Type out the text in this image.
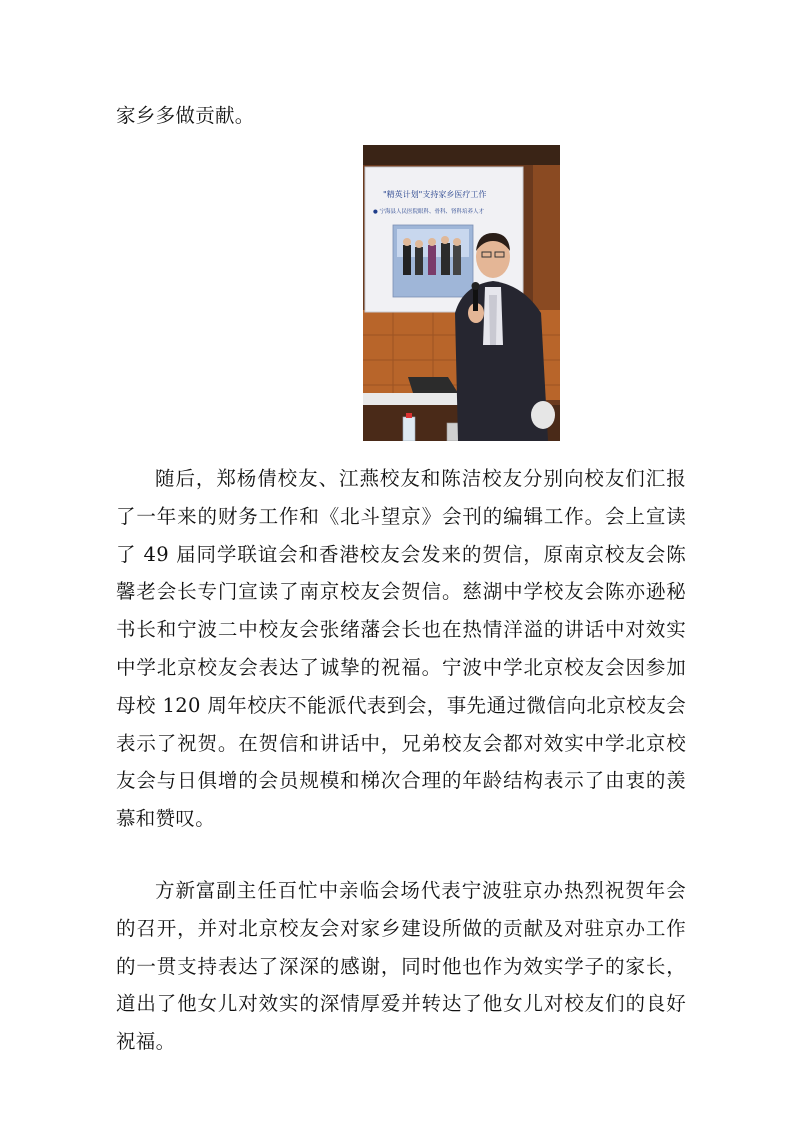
家乡多做贡献。

"精英计划"支持家乡医疗工作
● 宁海县人民医院眼科、骨科、肾科培养人才

随后，郑杨倩校友、江燕校友和陈洁校友分别向校友们汇报了一年来的财务工作和《北斗望京》会刊的编辑工作。会上宣读了 49 届同学联谊会和香港校友会发来的贺信，原南京校友会陈馨老会长专门宣读了南京校友会贺信。慈湖中学校友会陈亦逊秘书长和宁波二中校友会张绪藩会长也在热情洋溢的讲话中对效实中学北京校友会表达了诚挚的祝福。宁波中学北京校友会因参加母校 120 周年校庆不能派代表到会，事先通过微信向北京校友会表示了祝贺。在贺信和讲话中，兄弟校友会都对效实中学北京校友会与日俱增的会员规模和梯次合理的年龄结构表示了由衷的羡慕和赞叹。

方新富副主任百忙中亲临会场代表宁波驻京办热烈祝贺年会的召开，并对北京校友会对家乡建设所做的贡献及对驻京办工作的一贯支持表达了深深的感谢，同时他也作为效实学子的家长，道出了他女儿对效实的深情厚爱并转达了他女儿对校友们的良好祝福。
